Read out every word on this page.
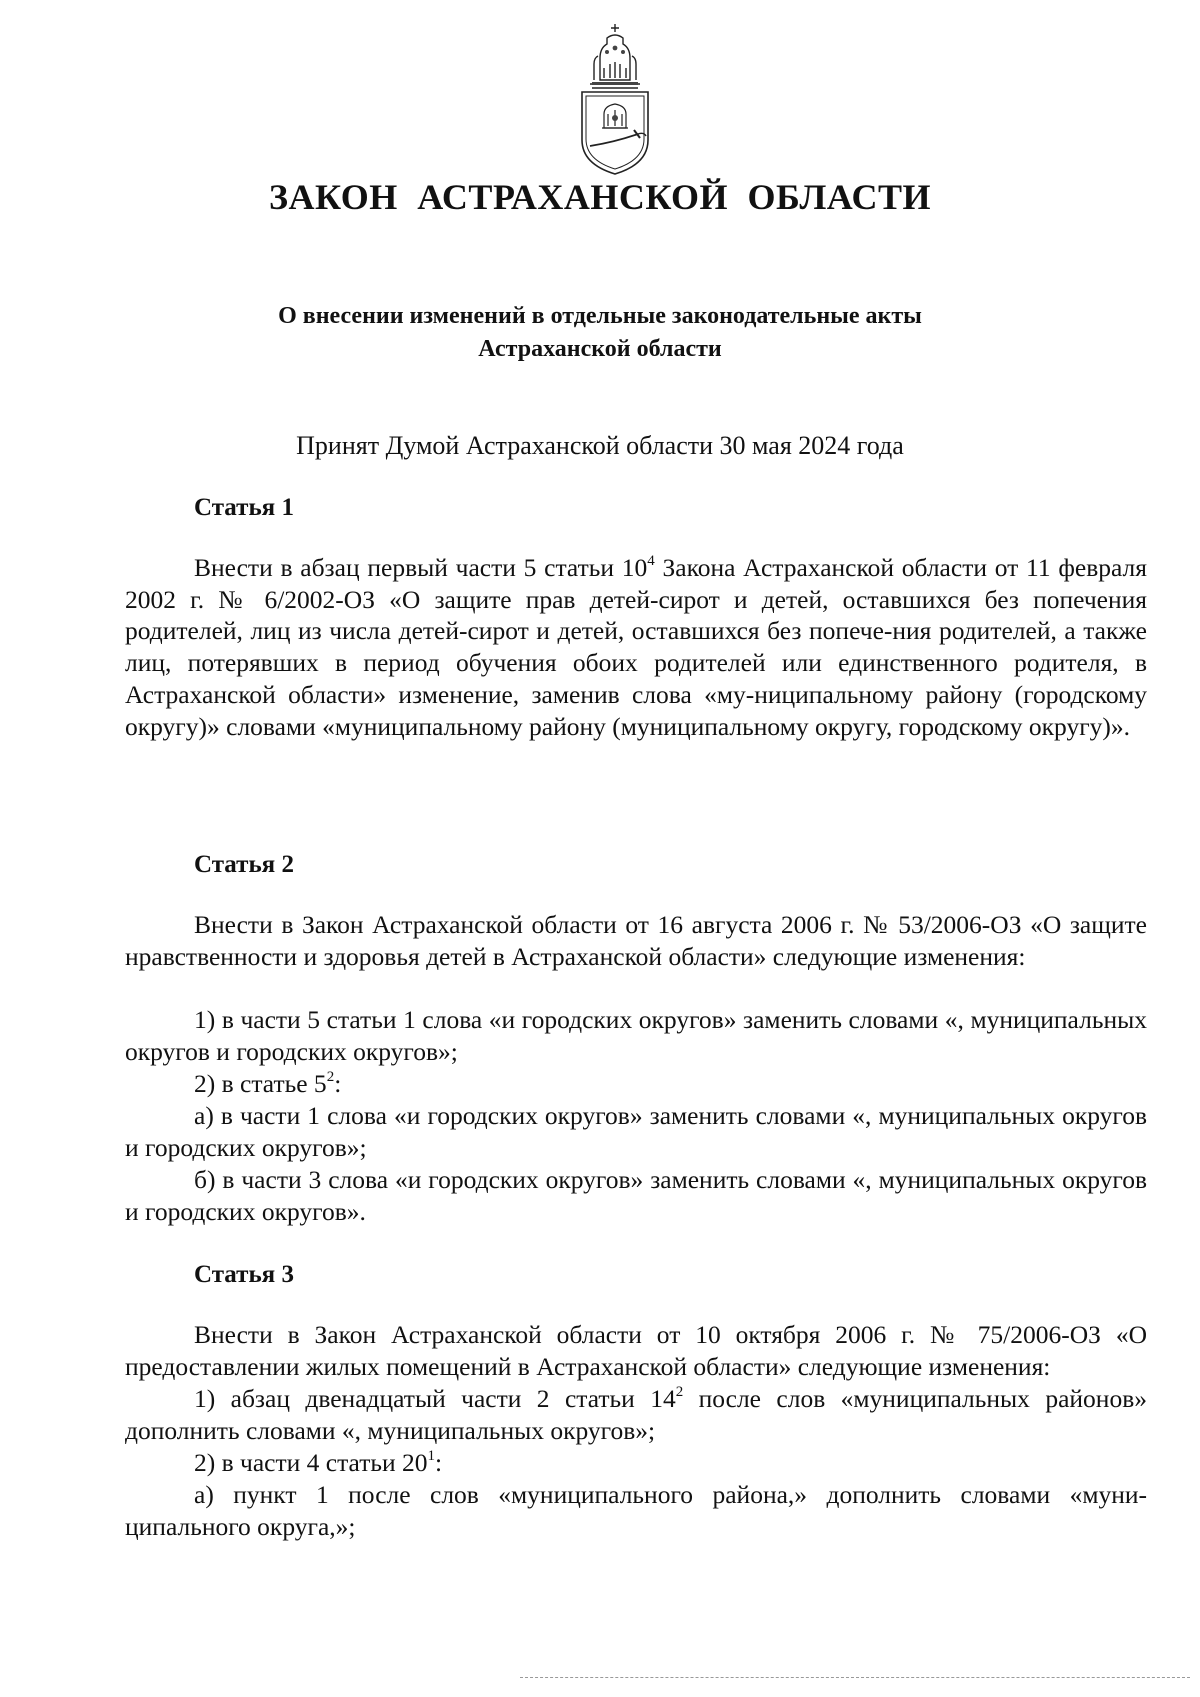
ЗАКОН АСТРАХАНСКОЙ ОБЛАСТИ
О внесении изменений в отдельные законодательные акты
Астраханской области

Принят Думой Астраханской области 30 мая 2024 года

Статья 1

Внести в абзац первый части 5 статьи $10^4$ Закона Астраханской области от 11 февраля 2002 г. № 6/2002-ОЗ «О защите прав детей-сирот и детей, оставшихся без попечения родителей, лиц из числа детей-сирот и детей, оставшихся без попече-ния родителей, а также лиц, потерявших в период обучения обоих родителей или единственного родителя, в Астраханской области» изменение, заменив слова «му-ниципальному району (городскому округу)» словами «муниципальному району (муниципальному округу, городскому округу)».

Статья 2

Внести в Закон Астраханской области от 16 августа 2006 г. № 53/2006-ОЗ «О защите нравственности и здоровья детей в Астраханской области» следующие изменения:

1) в части 5 статьи 1 слова «и городских округов» заменить словами «, муниципальных округов и городских округов»;

2) в статье $5^2$:

а) в части 1 слова «и городских округов» заменить словами «, муниципальных округов и городских округов»;

б) в части 3 слова «и городских округов» заменить словами «, муниципальных округов и городских округов».

Статья 3

Внести в Закон Астраханской области от 10 октября 2006 г. № 75/2006-ОЗ «О предоставлении жилых помещений в Астраханской области» следующие изменения:

1) абзац двенадцатый части 2 статьи $14^2$ после слов «муниципальных районов» дополнить словами «, муниципальных округов»;

2) в части 4 статьи $20^1$:

а) пункт 1 после слов «муниципального района,» дополнить словами «муни-ципального округа,»;
